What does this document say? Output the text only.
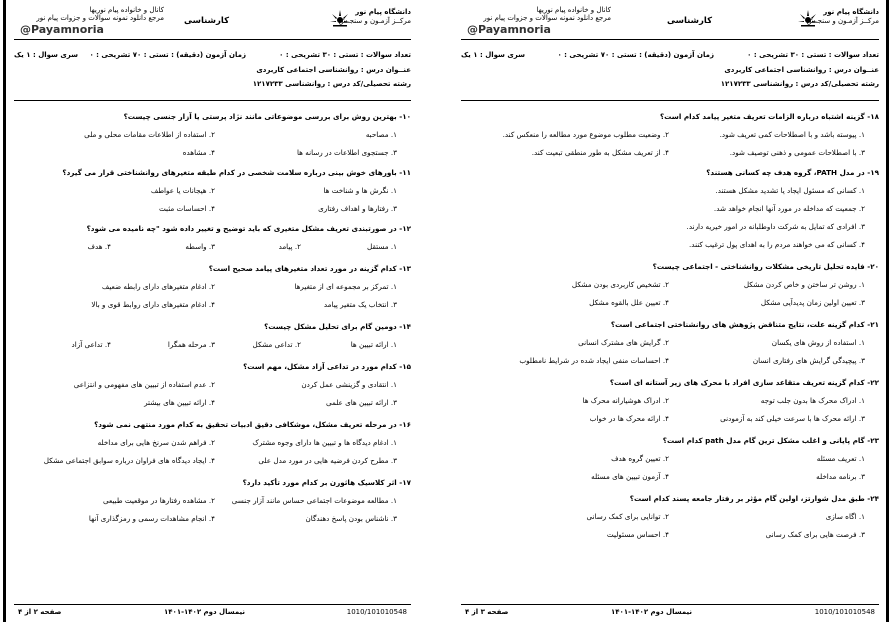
دانشگاه پیام نور
مرکــز آزمـون و سنجـش
کارشناسی
کانال و خانواده پیام نوریها
مرجع دانلود نمونه سوالات و جزوات پیام نور
@Payamnoria
تعداد سوالات : تستی : ۳۰ تشریحی : ۰
زمان آزمون (دقیقه) : تستی : ۷۰ تشریحی : ۰
سری سوال : ۱ یک
عنــوان درس : روانشناسی اجتماعی کاربردی
رشته تحصیلی/کد درس : روانشناسی ۱۲۱۷۲۳۳
۱۰- بهترین روش برای بررسی موضوعاتی مانند نژاد پرستی یا آزار جنسی چیست؟
۱. مصاحبه
۲. استفاده از اطلاعات مقامات محلی و ملی
۳. جستجوی اطلاعات در رسانه ها
۴. مشاهده
۱۱- باورهای خوش بینی درباره سلامت شخصی در کدام طبقه متغیرهای روانشناختی قرار می گیرد؟
۱. نگرش ها و شناخت ها
۲. هیجانات یا عواطف
۳. رفتارها و اهداف رفتاری
۴. احساسات مثبت
۱۲- در صورتبندی تعریف مشکل متغیری که باید توضیح و تغییر داده شود "چه نامیده می شود؟
۱. مستقل
۲. پیامد
۳. واسطه
۴. هدف
۱۳- کدام گزینه در مورد تعداد متغیرهای پیامد صحیح است؟
۱. تمرکز بر مجموعه ای از متغیرها
۲. ادغام متغیرهای دارای رابطه ضعیف
۳. انتخاب یک متغیر پیامد
۴. ادغام متغیرهای دارای روابط قوی و بالا
۱۴- دومین گام برای تحلیل مشکل چیست؟
۱. ارائه تبیین ها
۲. تداعی مشکل
۳. مرحله همگرا
۴. تداعی آزاد
۱۵- کدام مورد در تداعی آزاد مشکل، مهم است؟
۱. انتقادی و گزینشی عمل کردن
۲. عدم استفاده از تبیین های مفهومی و انتزاعی
۳. ارائه تبیین های علمی
۴. ارائه تبیین های بیشتر
۱۶- در مرحله تعریف مشکل، موشکافی دقیق ادبیات تحقیق به کدام مورد منتهی نمی شود؟
۱. ادغام دیدگاه ها و تبیین ها دارای وجوه مشترک
۲. فراهم شدن سرنخ هایی برای مداخله
۳. مطرح کردن فرضیه هایی در مورد مدل علی
۴. ایجاد دیدگاه های فراوان درباره سوابق اجتماعی مشکل
۱۷- اثر کلاسیک هاثورن بر کدام مورد تأکید دارد؟
۱. مطالعه موضوعات اجتماعی حساس مانند آزار جنسی
۲. مشاهده رفتارها در موقعیت طبیعی
۳. ناشناس بودن پاسخ دهندگان
۴. انجام مشاهدات رسمی و رمزگذاری آنها
صفحه ۲ از ۴	نیمسال دوم ۱۴۰۲-۱۴۰۱	1010/101010548
دانشگاه پیام نور
مرکــز آزمـون و سنجـش
کارشناسی
کانال و خانواده پیام نوریها
مرجع دانلود نمونه سوالات و جزوات پیام نور
@Payamnoria
تعداد سوالات : تستی : ۳۰ تشریحی : ۰
زمان آزمون (دقیقه) : تستی : ۷۰ تشریحی : ۰
سری سوال : ۱ یک
عنــوان درس : روانشناسی اجتماعی کاربردی
رشته تحصیلی/کد درس : روانشناسی ۱۲۱۷۲۳۳
۱۸- گزینه اشتباه درباره الزامات تعریف متغیر پیامد کدام است؟
۱. پیوسته باشد و با اصطلاحات کمی تعریف شود.
۲. وضعیت مطلوب موضوع مورد مطالعه را منعکس کند.
۳. با اصطلاحات عمومی و ذهنی توصیف شود.
۴. از تعریف مشکل به طور منطقی تبعیت کند.
۱۹- در مدل PATH، گروه هدف چه کسانی هستند؟
۱. کسانی که مسئول ایجاد یا تشدید مشکل هستند.
۲. جمعیت که مداخله در مورد آنها انجام خواهد شد.
۳. افرادی که تمایل به شرکت داوطلبانه در امور خیریه دارند.
۴. کسانی که می خواهند مردم را به اهدای پول ترغیب کنند.
۲۰- فایده تحلیل تاریخی مشکلات روانشناختی - اجتماعی چیست؟
۱. روشن تر ساختن و خاص کردن مشکل
۲. تشخیص کاربردی بودن مشکل
۳. تعیین اولین زمان پدیدآیی مشکل
۴. تعیین علل بالقوه مشکل
۲۱- کدام گزینه علت، نتایج متناقض پژوهش های روانشناختی اجتماعی است؟
۱. استفاده از روش های یکسان
۲. گرایش های مشترک انسانی
۳. پیچیدگی گرایش های رفتاری انسان
۴. احساسات منفی ایجاد شده در شرایط نامطلوب
۲۲- کدام گزینه تعریف متقاعد سازی افراد با محرک های زیر آستانه ای است؟
۱. ادراک محرک ها بدون جلب توجه
۲. ادراک هوشیارانه محرک ها
۳. ارائه محرک ها با سرعت خیلی کند به آزمودنی
۴. ارائه محرک ها در خواب
۲۳- گام پایانی و اغلب مشکل ترین گام مدل path کدام است؟
۱. تعریف مسئله
۲. تعیین گروه هدف
۳. برنامه مداخله
۴. آزمون تبیین های مسئله
۲۴- طبق مدل شوارتز، اولین گام مؤثر بر رفتار جامعه پسند کدام است؟
۱. اگاه سازی
۲. توانایی برای کمک رسانی
۳. فرصت هایی برای کمک رسانی
۴. احساس مسئولیت
صفحه ۳ از ۴	نیمسال دوم ۱۴۰۲-۱۴۰۱	1010/101010548
